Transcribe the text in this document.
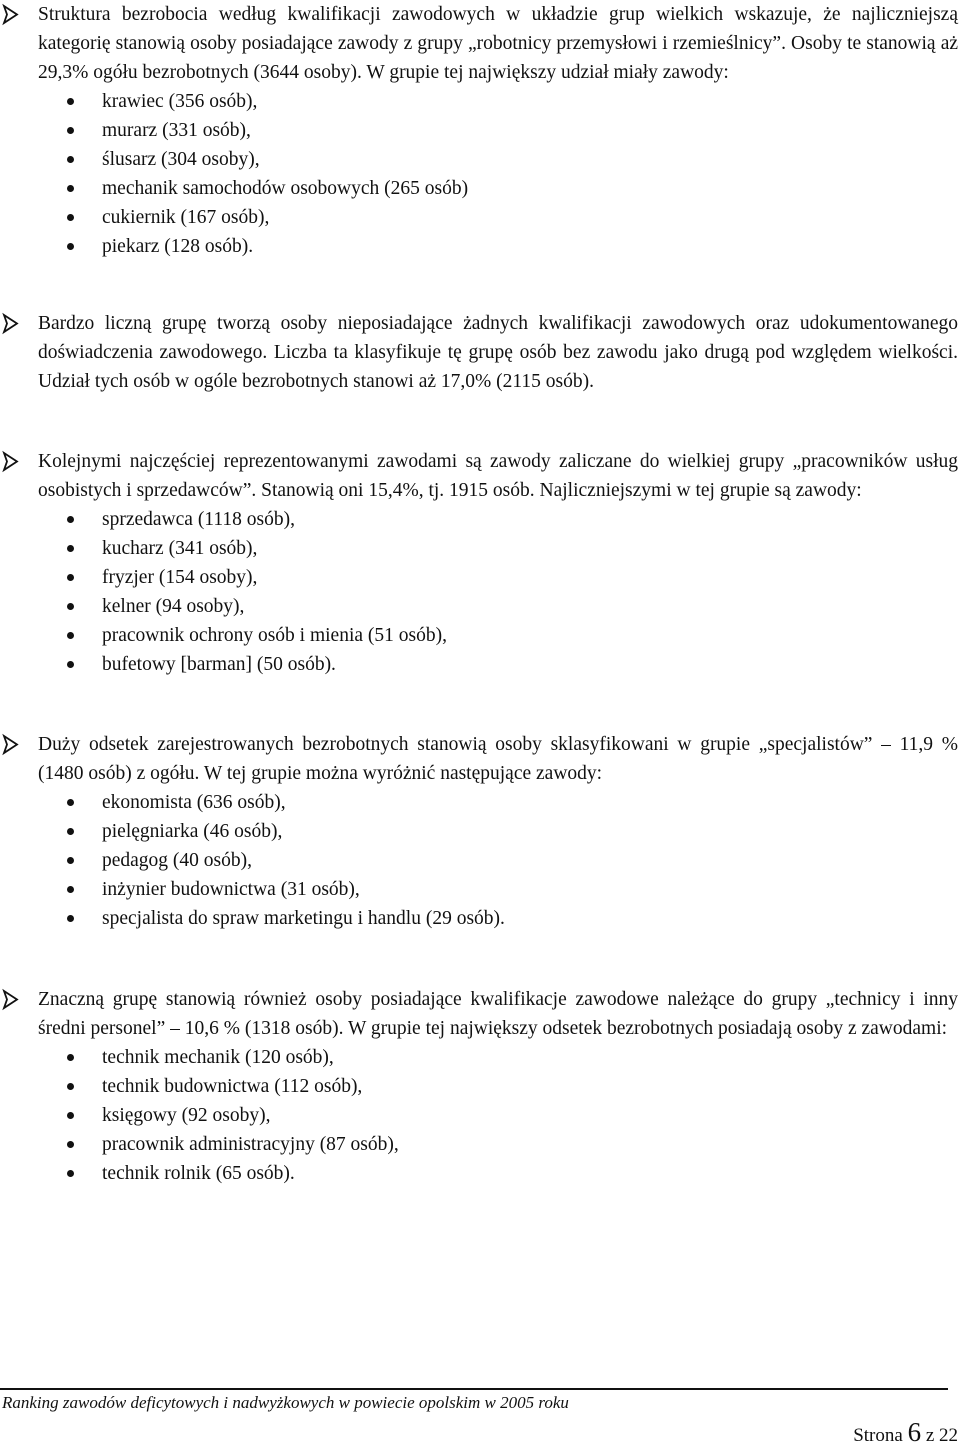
Struktura bezrobocia według kwalifikacji zawodowych w układzie grup wielkich wskazuje, że najliczniejszą kategorię stanowią osoby posiadające zawody z grupy „robotnicy przemysłowi i rzemieślnicy”. Osoby te stanowią aż 29,3% ogółu bezrobotnych (3644 osoby). W grupie tej największy udział miały zawody:

krawiec (356 osób),
murarz (331 osób),
ślusarz (304 osoby),
mechanik samochodów osobowych (265 osób)
cukiernik (167 osób),
piekarz (128 osób).

Bardzo liczną grupę tworzą osoby nieposiadające żadnych kwalifikacji zawodowych oraz udokumentowanego doświadczenia zawodowego. Liczba ta klasyfikuje tę grupę osób bez zawodu jako drugą pod względem wielkości. Udział tych osób w ogóle bezrobotnych stanowi aż 17,0% (2115 osób).

Kolejnymi najczęściej reprezentowanymi zawodami są zawody zaliczane do wielkiej grupy „pracowników usług osobistych i sprzedawców”. Stanowią oni 15,4%, tj. 1915 osób. Najliczniejszymi w tej grupie są zawody:

sprzedawca (1118 osób),
kucharz (341 osób),
fryzjer (154 osoby),
kelner (94 osoby),
pracownik ochrony osób i mienia (51 osób),
bufetowy [barman] (50 osób).

Duży odsetek zarejestrowanych bezrobotnych stanowią osoby sklasyfikowani w grupie „specjalistów” – 11,9 % (1480 osób) z ogółu. W tej grupie można wyróżnić następujące zawody:

ekonomista (636 osób),
pielęgniarka (46 osób),
pedagog (40 osób),
inżynier budownictwa (31 osób),
specjalista do spraw marketingu i handlu (29 osób).

Znaczną grupę stanowią również osoby posiadające kwalifikacje zawodowe należące do grupy „technicy i inny średni personel” – 10,6 % (1318 osób). W grupie tej największy odsetek bezrobotnych posiadają osoby z zawodami:

technik mechanik (120 osób),
technik budownictwa (112 osób),
księgowy (92 osoby),
pracownik administracyjny (87 osób),
technik rolnik (65 osób).
Ranking zawodów deficytowych i nadwyżkowych w powiecie opolskim w 2005 roku
Strona 6 z 22
